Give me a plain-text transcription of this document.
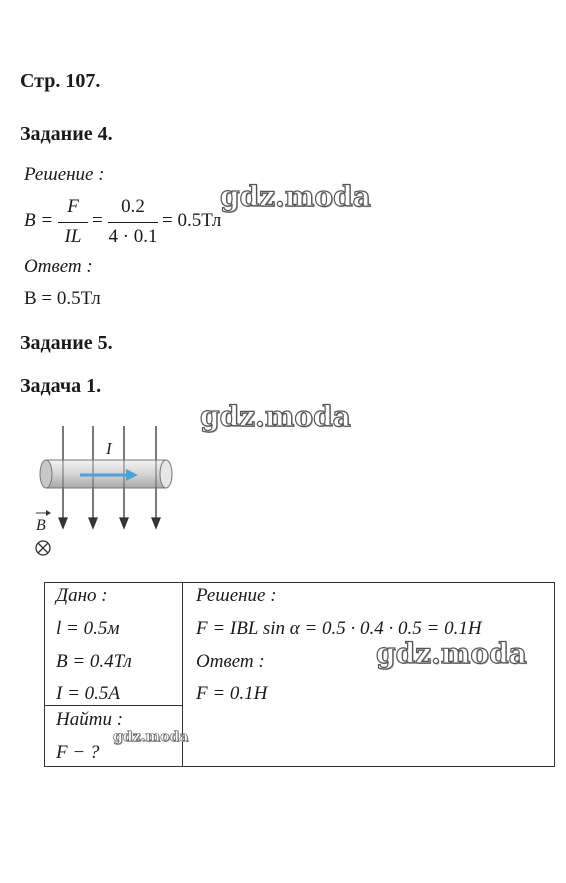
Стр. 107.
Задание 4.
Решение :
B =
F
IL
=
0.2
4 · 0.1
= 0.5Тл
Ответ :
B = 0.5Тл
Задание 5.
Задача 1.
I
B
Дано :
l = 0.5м
B = 0.4Тл
I = 0.5A
Найти :
F − ?
Решение :
F = IBL sin α = 0.5 · 0.4 · 0.5 = 0.1H
Ответ :
F = 0.1H
gdz.moda
gdz.moda
gdz.moda
gdz.moda
